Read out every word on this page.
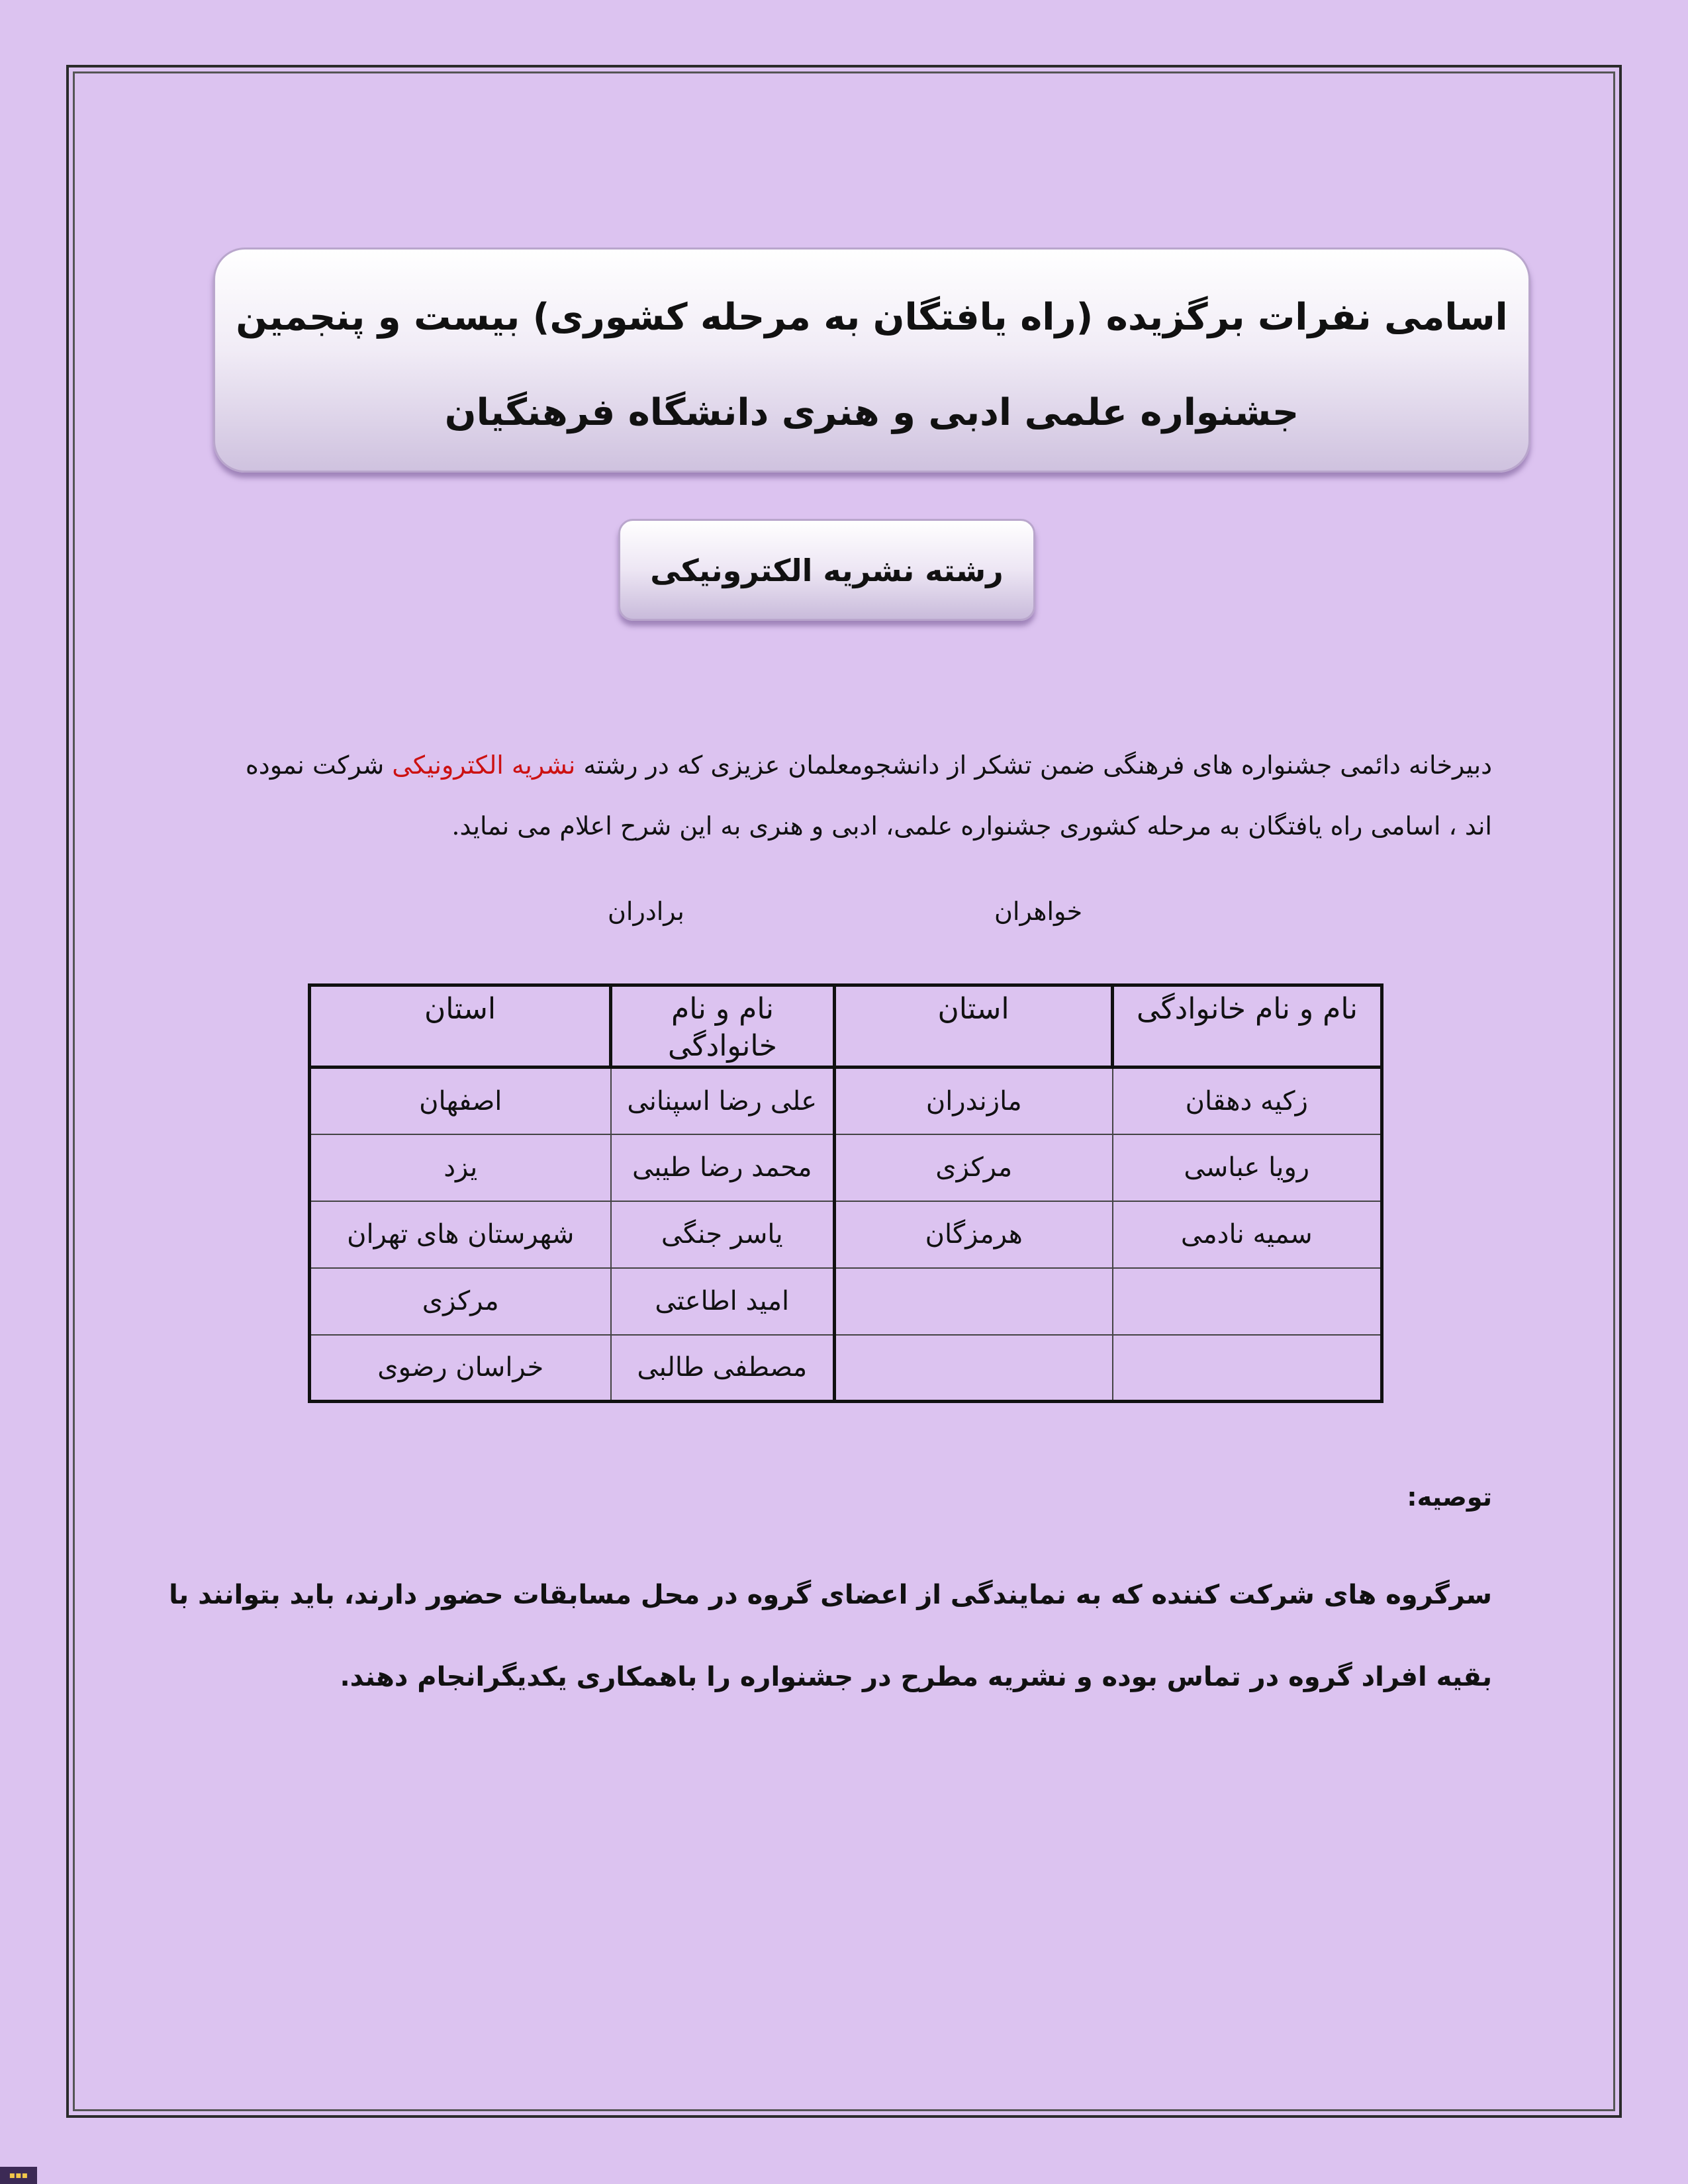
اسامی نفرات برگزیده (راه یافتگان به مرحله کشوری) بیست و پنجمین
جشنواره علمی ادبی و هنری دانشگاه فرهنگیان
رشته نشریه الکترونیکی
دبیرخانه دائمی جشنواره های فرهنگی ضمن تشکر از دانشجومعلمان عزیزی که در رشته نشریه الکترونیکی شرکت نموده اند ، اسامی راه یافتگان به مرحله کشوری جشنواره علمی، ادبی و هنری به این شرح اعلام می نماید.
خواهران
برادران
نام و نام خانوادگی	استان	نام و نام خانوادگی	استان
زکیه دهقان	مازندران	علی رضا اسپنانی	اصفهان
رویا عباسی	مرکزی	محمد رضا طیبی	یزد
سمیه نادمی	هرمزگان	یاسر جنگی	شهرستان های تهران
		امید اطاعتی	مرکزی
		مصطفی طالبی	خراسان رضوی
توصیه:
سرگروه های شرکت کننده که به نمایندگی از اعضای گروه در محل مسابقات حضور دارند، باید بتوانند با بقیه افراد گروه در تماس بوده و نشریه مطرح در جشنواره را باهمکاری یکدیگرانجام دهند.
▪▪▪
